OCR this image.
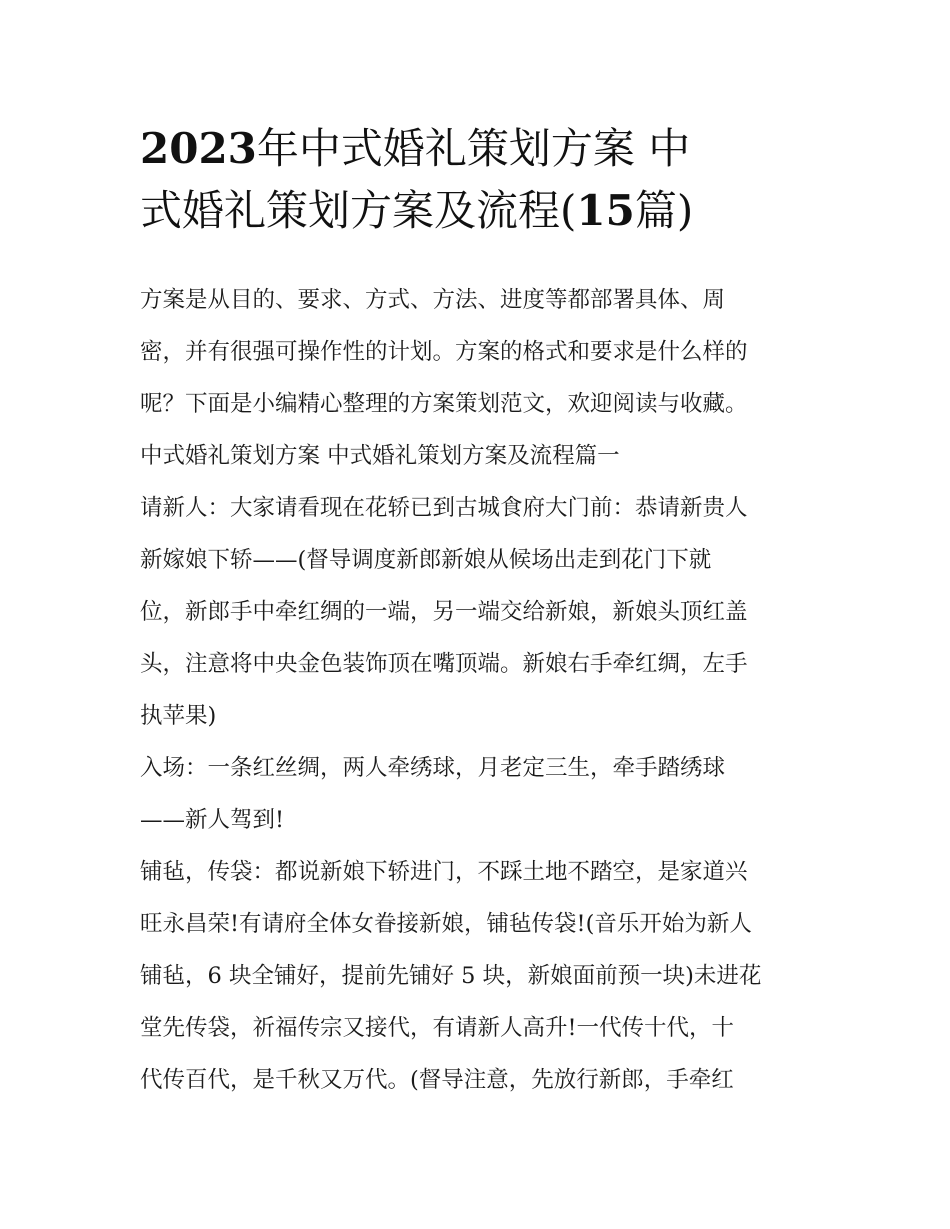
2023年中式婚礼策划方案 中
式婚礼策划方案及流程(15篇)
方案是从目的、要求、方式、方法、进度等都部署具体、周
密，并有很强可操作性的计划。方案的格式和要求是什么样的
呢？下面是小编精心整理的方案策划范文，欢迎阅读与收藏。
中式婚礼策划方案 中式婚礼策划方案及流程篇一
请新人：大家请看现在花轿已到古城食府大门前：恭请新贵人
新嫁娘下轿——(督导调度新郎新娘从候场出走到花门下就
位，新郎手中牵红绸的一端，另一端交给新娘，新娘头顶红盖
头，注意将中央金色装饰顶在嘴顶端。新娘右手牵红绸，左手
执苹果)
入场：一条红丝绸，两人牵绣球，月老定三生，牵手踏绣球
——新人驾到!
铺毡，传袋：都说新娘下轿进门，不踩土地不踏空，是家道兴
旺永昌荣!有请府全体女眷接新娘，铺毡传袋!(音乐开始为新人
铺毡，6 块全铺好，提前先铺好 5 块，新娘面前预一块)未进花
堂先传袋，祈福传宗又接代，有请新人高升!一代传十代，十
代传百代，是千秋又万代。(督导注意，先放行新郎，手牵红
